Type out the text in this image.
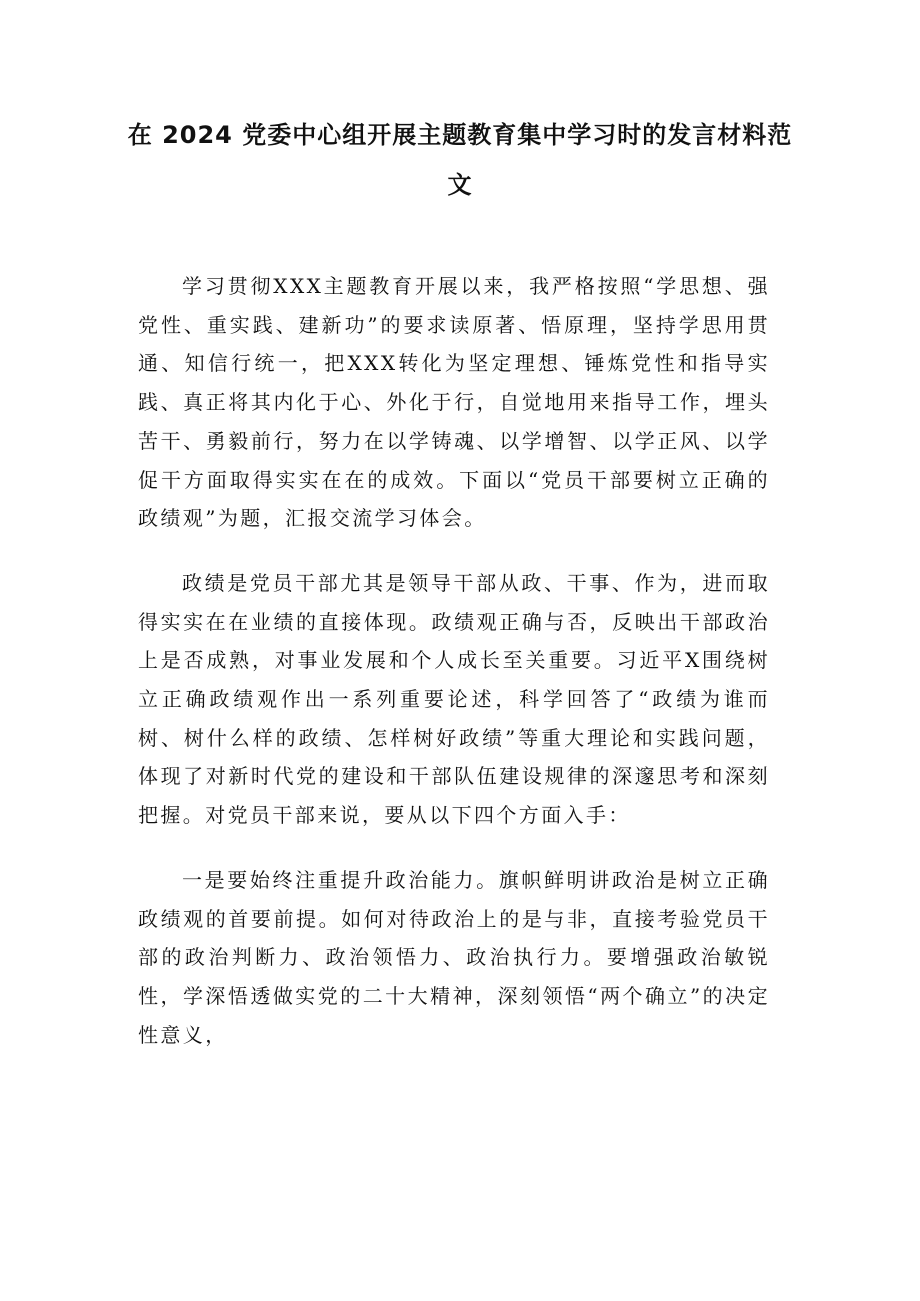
在 2024 党委中心组开展主题教育集中学习时的发言材料范文

学习贯彻XXX主题教育开展以来，我严格按照“学思想、强党性、重实践、建新功”的要求读原著、悟原理，坚持学思用贯通、知信行统一，把XXX转化为坚定理想、锤炼党性和指导实践、真正将其内化于心、外化于行，自觉地用来指导工作，埋头苦干、勇毅前行，努力在以学铸魂、以学增智、以学正风、以学促干方面取得实实在在的成效。下面以“党员干部要树立正确的政绩观”为题，汇报交流学习体会。

政绩是党员干部尤其是领导干部从政、干事、作为，进而取得实实在在业绩的直接体现。政绩观正确与否，反映出干部政治上是否成熟，对事业发展和个人成长至关重要。习近平X围绕树立正确政绩观作出一系列重要论述，科学回答了“政绩为谁而树、树什么样的政绩、怎样树好政绩”等重大理论和实践问题，体现了对新时代党的建设和干部队伍建设规律的深邃思考和深刻把握。对党员干部来说，要从以下四个方面入手：

一是要始终注重提升政治能力。旗帜鲜明讲政治是树立正确政绩观的首要前提。如何对待政治上的是与非，直接考验党员干部的政治判断力、政治领悟力、政治执行力。要增强政治敏锐性，学深悟透做实党的二十大精神，深刻领悟“两个确立”的决定性意义，
